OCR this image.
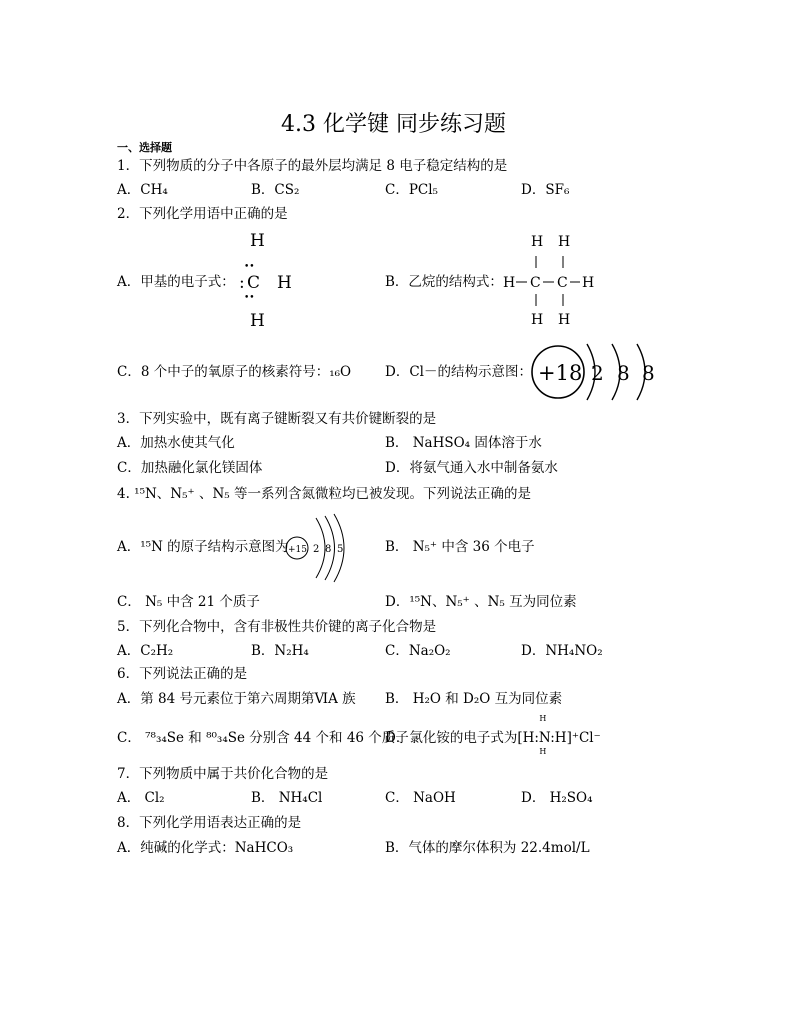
4.3 化学键 同步练习题
一、选择题
1．下列物质的分子中各原子的最外层均满足 8 电子稳定结构的是
A．CH₄	B．CS₂	C．PCl₅	D．SF₆
2．下列化学用语中正确的是
A．甲基的电子式：
H
••
: C H
••
H
B．乙烷的结构式：
H H
H C C H
H H
C．8 个中子的氧原子的核素符号：₁₆O	D．Cl－的结构示意图： +18 2 8 8
3．下列实验中，既有离子键断裂又有共价键断裂的是
A．加热水使其气化	B． NaHSO₄ 固体溶于水
C．加热融化氯化镁固体	D．将氨气通入水中制备氨水
4. ¹⁵N、N₅⁺ 、N₅ 等一系列含氮微粒均已被发现。下列说法正确的是
A．¹⁵N 的原子结构示意图为 +15 2 8 5	B． N₅⁺ 中含 36 个电子
C． N₅ 中含 21 个质子	D．¹⁵N、N₅⁺ 、N₅ 互为同位素
5．下列化合物中，含有非极性共价键的离子化合物是
A．C₂H₂	B．N₂H₄	C．Na₂O₂	D．NH₄NO₂
6．下列说法正确的是
A．第 84 号元素位于第六周期第ⅥA 族 B． H₂O 和 D₂O 互为同位素
C． ⁷⁸₃₄Se 和 ⁸⁰₃₄Se 分别含 44 个和 46 个质子
D．氯化铵的电子式为
H
[H:N:H]⁺Cl⁻
H
7．下列物质中属于共价化合物的是
A． Cl₂	B． NH₄Cl	C． NaOH	D． H₂SO₄
8．下列化学用语表达正确的是
A．纯碱的化学式：NaHCO₃	B．气体的摩尔体积为 22.4mol/L
